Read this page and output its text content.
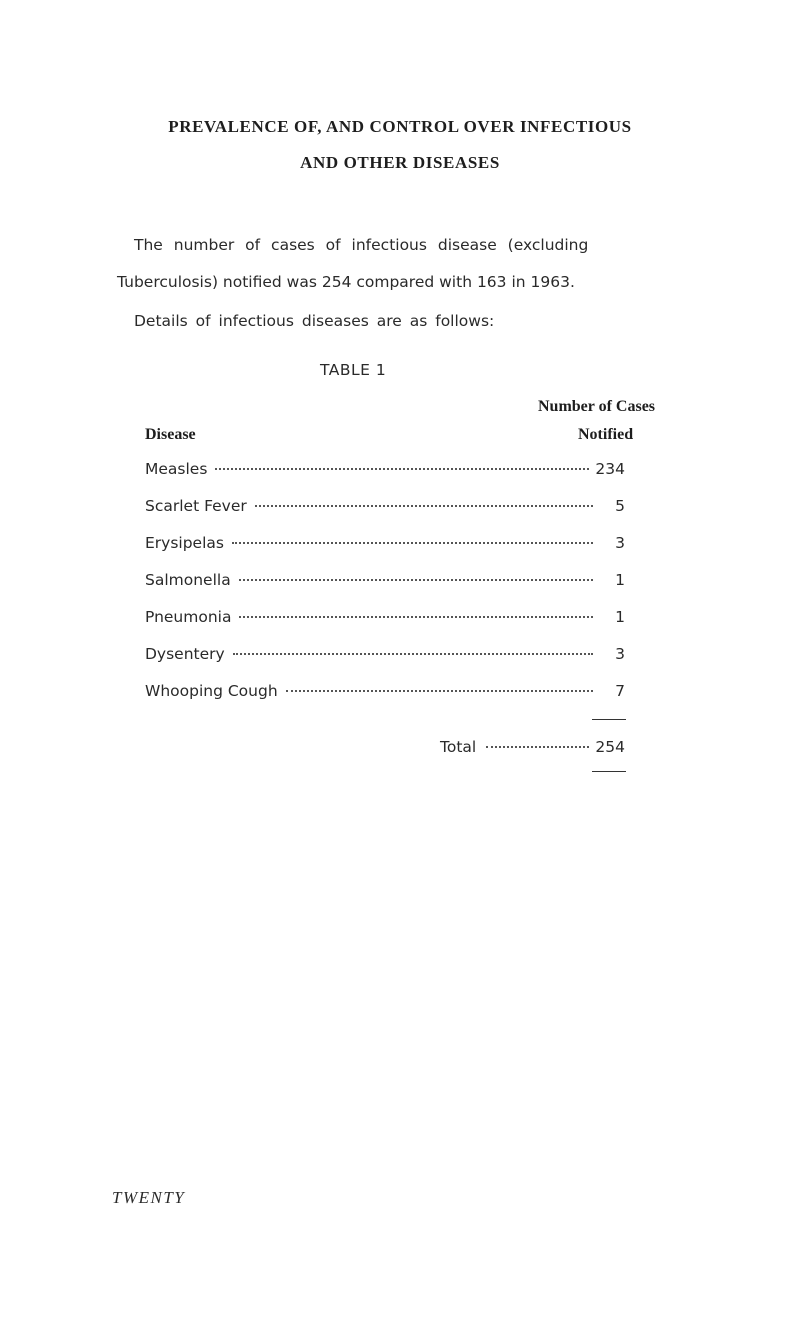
PREVALENCE OF, AND CONTROL OVER INFECTIOUS
AND OTHER DISEASES
The number of cases of infectious disease (excluding
Tuberculosis) notified was 254 compared with 163 in 1963.
Details of infectious diseases are as follows:
TABLE 1
Number of Cases
Disease	Notified
Measles	234
Scarlet Fever	5
Erysipelas	3
Salmonella	1
Pneumonia	1
Dysentery	3
Whooping Cough	7
Total	254
TWENTY
